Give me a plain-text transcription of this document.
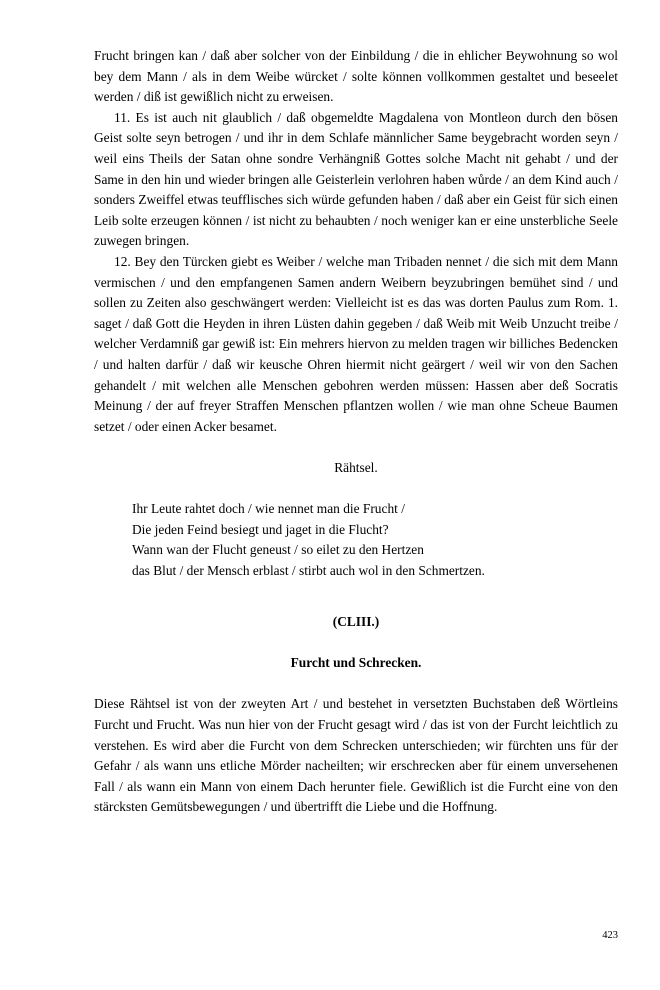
Frucht bringen kan / daß aber solcher von der Einbildung / die in ehlicher Beywohnung so wol bey dem Mann / als in dem Weibe würcket / solte können vollkommen gestaltet und beseelet werden / diß ist gewißlich nicht zu erweisen.

11. Es ist auch nit glaublich / daß obgemeldte Magdalena von Montleon durch den bösen Geist solte seyn betrogen / und ihr in dem Schlafe männlicher Same beygebracht worden seyn / weil eins Theils der Satan ohne sondre Verhängniß Gottes solche Macht nit gehabt / und der Same in den hin und wieder bringen alle Geisterlein verlohren haben wůrde / an dem Kind auch / sonders Zweiffel etwas teufflisches sich würde gefunden haben / daß aber ein Geist für sich einen Leib solte erzeugen können / ist nicht zu behaubten / noch weniger kan er eine unsterbliche Seele zuwegen bringen.

12. Bey den Türcken giebt es Weiber / welche man Tribaden nennet / die sich mit dem Mann vermischen / und den empfangenen Samen andern Weibern beyzubringen bemühet sind / und sollen zu Zeiten also geschwängert werden: Vielleicht ist es das was dorten Paulus zum Rom. 1. saget / daß Gott die Heyden in ihren Lüsten dahin gegeben / daß Weib mit Weib Unzucht treibe / welcher Verdamniß gar gewiß ist: Ein mehrers hiervon zu melden tragen wir billiches Bedencken / und halten darfür / daß wir keusche Ohren hiermit nicht geärgert / weil wir von den Sachen gehandelt / mit welchen alle Menschen gebohren werden müssen: Hassen aber deß Socratis Meinung / der auf freyer Straffen Menschen pflantzen wollen / wie man ohne Scheue Baumen setzet / oder einen Acker besamet.

Rähtsel.

Ihr Leute rahtet doch / wie nennet man die Frucht /
Die jeden Feind besiegt und jaget in die Flucht?
Wann wan der Flucht geneust / so eilet zu den Hertzen
das Blut / der Mensch erblast / stirbt auch wol in den Schmertzen.

(CLIII.)

Furcht und Schrecken.

Diese Rähtsel ist von der zweyten Art / und bestehet in versetzten Buchstaben deß Wörtleins Furcht und Frucht. Was nun hier von der Frucht gesagt wird / das ist von der Furcht leichtlich zu verstehen. Es wird aber die Furcht von dem Schrecken unterschieden; wir fürchten uns für der Gefahr / als wann uns etliche Mörder nacheilten; wir erschrecken aber für einem unversehenen Fall / als wann ein Mann von einem Dach herunter fiele. Gewißlich ist die Furcht eine von den stärcksten Gemütsbewegungen / und übertrifft die Liebe und die Hoffnung.

423
